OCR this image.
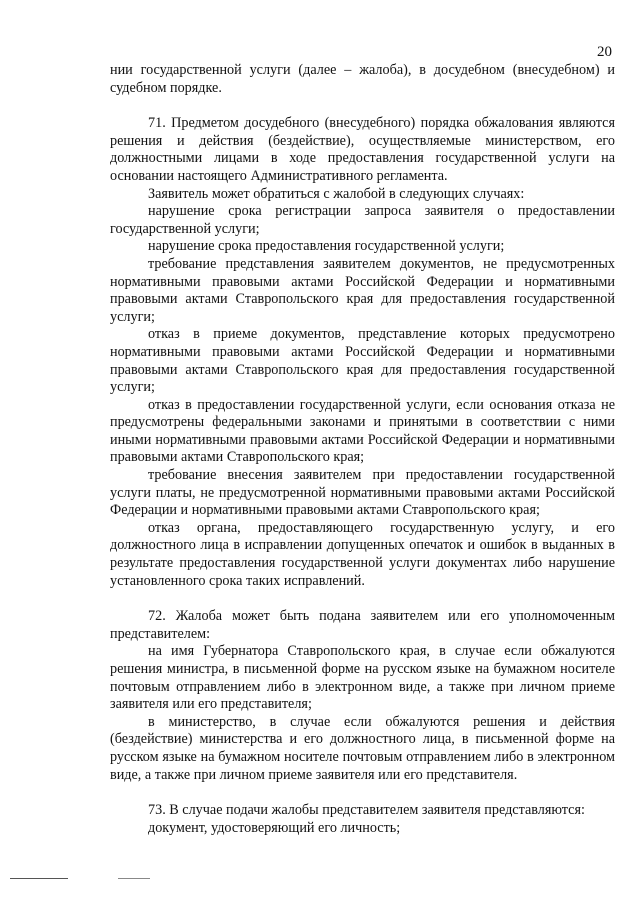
20

нии государственной услуги (далее – жалоба), в досудебном (внесудебном) и судебном порядке.

71. Предметом досудебного (внесудебного) порядка обжалования являются решения и действия (бездействие), осуществляемые министерством, его должностными лицами в ходе предоставления государственной услуги на основании настоящего Административного регламента.

Заявитель может обратиться с жалобой в следующих случаях:

нарушение срока регистрации запроса заявителя о предоставлении государственной услуги;

нарушение срока предоставления государственной услуги;

требование представления заявителем документов, не предусмотренных нормативными правовыми актами Российской Федерации и нормативными правовыми актами Ставропольского края для предоставления государственной услуги;

отказ в приеме документов, представление которых предусмотрено нормативными правовыми актами Российской Федерации и нормативными правовыми актами Ставропольского края для предоставления государственной услуги;

отказ в предоставлении государственной услуги, если основания отказа не предусмотрены федеральными законами и принятыми в соответствии с ними иными нормативными правовыми актами Российской Федерации и нормативными правовыми актами Ставропольского края;

требование внесения заявителем при предоставлении государственной услуги платы, не предусмотренной нормативными правовыми актами Российской Федерации и нормативными правовыми актами Ставропольского края;

отказ органа, предоставляющего государственную услугу, и его должностного лица в исправлении допущенных опечаток и ошибок в выданных в результате предоставления государственной услуги документах либо нарушение установленного срока таких исправлений.

72. Жалоба может быть подана заявителем или его уполномоченным представителем:

на имя Губернатора Ставропольского края, в случае если обжалуются решения министра, в письменной форме на русском языке на бумажном носителе почтовым отправлением либо в электронном виде, а также при личном приеме заявителя или его представителя;

в министерство, в случае если обжалуются решения и действия (бездействие) министерства и его должностного лица, в письменной форме на русском языке на бумажном носителе почтовым отправлением либо в электронном виде, а также при личном приеме заявителя или его представителя.

73. В случае подачи жалобы представителем заявителя представляются:

документ, удостоверяющий его личность;
